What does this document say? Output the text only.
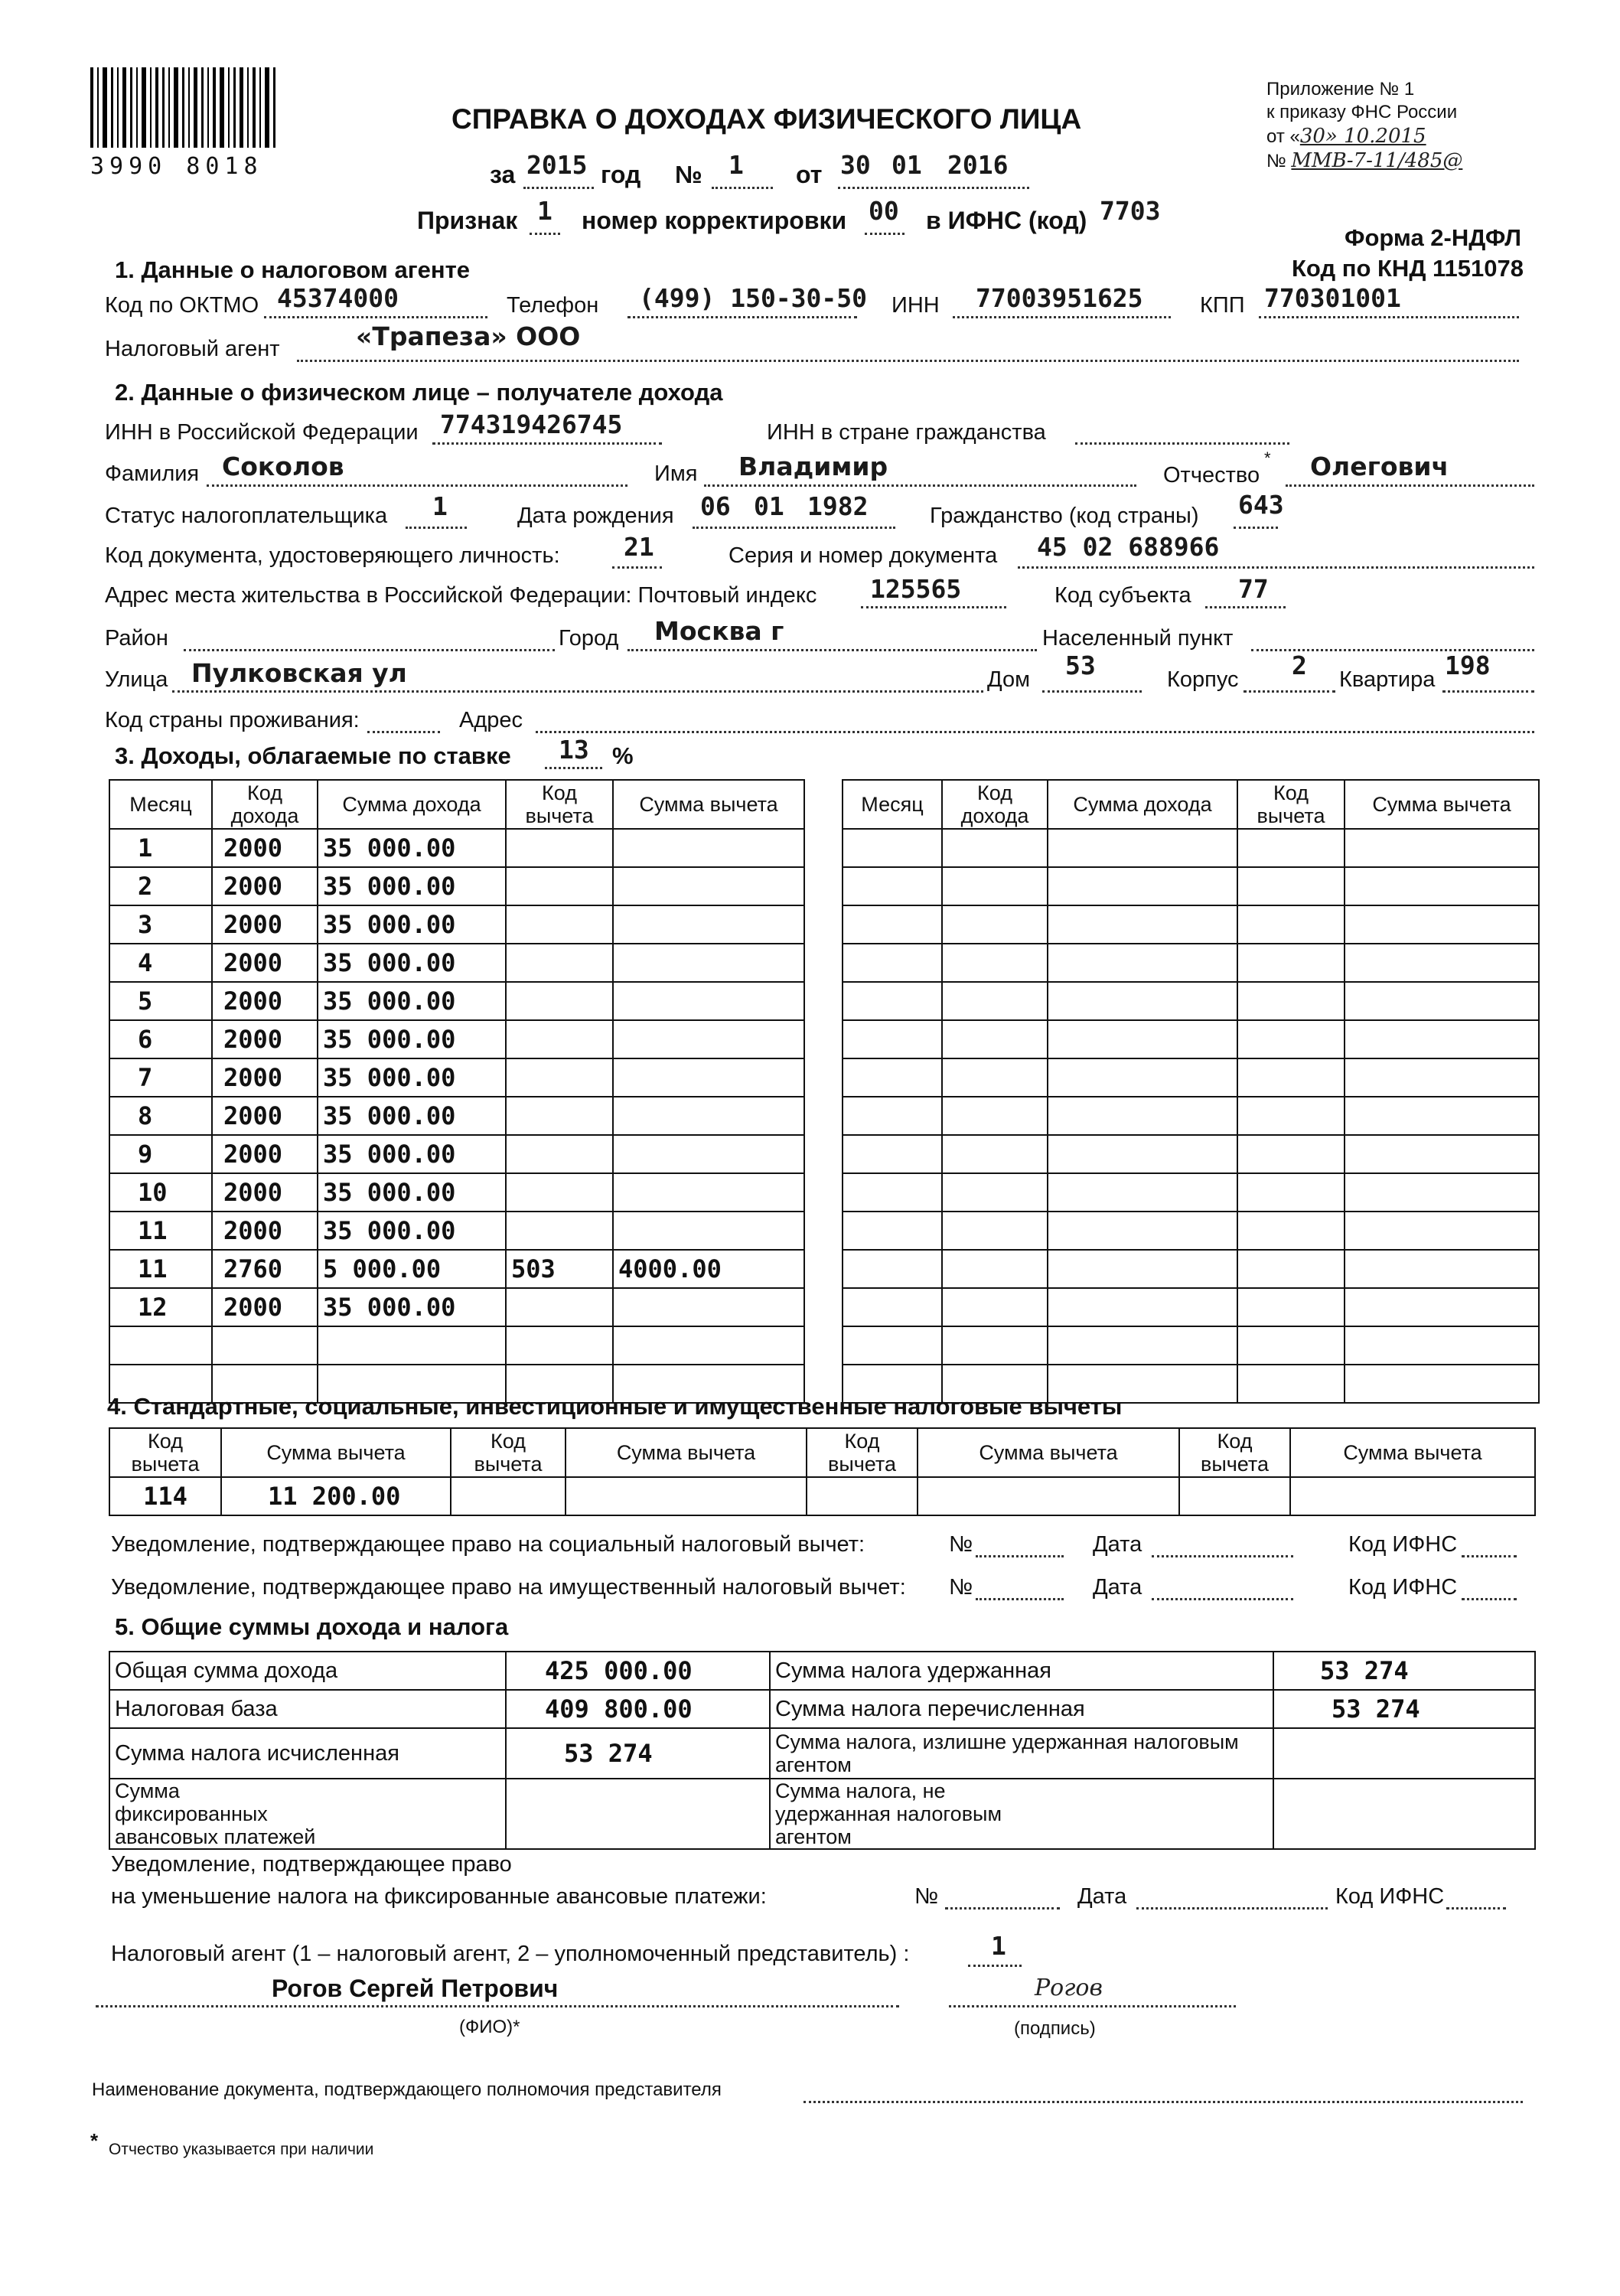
3990 8018
Приложение № 1
к приказу ФНС России
от «30» 10.2015
№ ММВ-7-11/485@
СПРАВКА О ДОХОДАХ ФИЗИЧЕСКОГО ЛИЦА
за 2015 год № 1 от 30 01 2016
Признак 1 номер корректировки 00 в ИФНС (код) 7703
Форма 2-НДФЛ
Код по КНД 1151078
1. Данные о налоговом агенте
Код по ОКТМО 45374000	Телефон (499) 150-30-50 ИНН 77003951625	КПП 770301001
Налоговый агент	«Трапеза» ООО
2. Данные о физическом лице – получателе дохода
ИНН в Российской Федерации 774319426745	ИНН в стране гражданства
Фамилия Соколов	Имя Владимир	Отчество
* Олегович
Статус налогоплательщика 1	Дата рождения 06 01 1982	Гражданство (код страны) 643
Код документа, удостоверяющего личность:	21	Серия и номер документа 45 02 688966
Адрес места жительства в Российской Федерации: Почтовый индекс 125565	Код субъекта 77
Район	Город Москва г	Населенный пункт
Улица Пулковская ул	Дом 53	Корпус 2 Квартира 198
Код страны проживания:	Адрес
3. Доходы, облагаемые по ставке 13 %
Месяц	Код дохода	Сумма дохода	Код вычета	Сумма вычета
1	2000	35 000.00		
2	2000	35 000.00		
3	2000	35 000.00		
4	2000	35 000.00		
5	2000	35 000.00		
6	2000	35 000.00		
7	2000	35 000.00		
8	2000	35 000.00		
9	2000	35 000.00		
10	2000	35 000.00		
11	2000	35 000.00		
11	2760	5 000.00	503	4000.00
12	2000	35 000.00		

Месяц	Код дохода	Сумма дохода	Код вычета	Сумма вычета

4. Стандартные, социальные, инвестиционные и имущественные налоговые вычеты
Код вычета	Сумма вычета	Код вычета	Сумма вычета	Код вычета	Сумма вычета	Код вычета	Сумма вычета
114	11 200.00						
Уведомление, подтверждающее право на социальный налоговый вычет:	№	Дата	Код ИФНС
Уведомление, подтверждающее право на имущественный налоговый вычет: №	Дата	Код ИФНС
5. Общие суммы дохода и налога
Общая сумма дохода	425 000.00	Сумма налога удержанная	53 274
Налоговая база	409 800.00	Сумма налога перечисленная	53 274
Сумма налога исчисленная	53 274	Сумма налога, излишне удержанная налоговым агентом	
Сумма фиксированных авансовых платежей		Сумма налога, не удержанная налоговым агентом	
Уведомление, подтверждающее право
на уменьшение налога на фиксированные авансовые платежи:	№	Дата	Код ИФНС
Налоговый агент (1 – налоговый агент, 2 – уполномоченный представитель) :	1
Рогов Сергей Петрович	Рогов
(ФИО)*	(подпись)
Наименование документа, подтверждающего полномочия представителя
* Отчество указывается при наличии
